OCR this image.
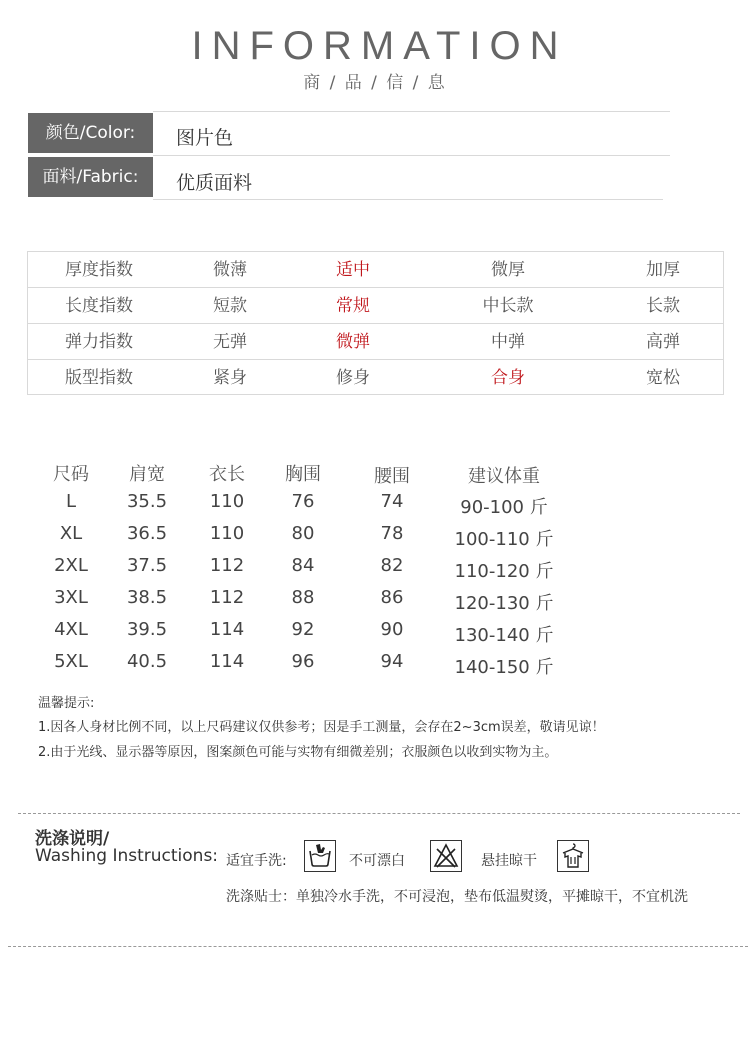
INFORMATION
商 / 品 / 信 / 息
颜色/Color:	图片色
面料/Fabric:	优质面料
厚度指数	微薄	适中	微厚	加厚
长度指数	短款	常规	中长款	长款
弹力指数	无弹	微弹	中弹	高弹
版型指数	紧身	修身	合身	宽松
尺码 肩宽 衣长 胸围	腰围	建议体重
L	35.5 110	76	74	90-100 斤
XL 36.5 110	80	78	100-110 斤
2XL 37.5 112	84	82	110-120 斤
3XL 38.5 112	88	86	120-130 斤
4XL 39.5 114	92	90	130-140 斤
5XL 40.5 114	96	94	140-150 斤
温馨提示:
1.因各人身材比例不同，以上尺码建议仅供参考；因是手工测量，会存在2~3cm误差，敬请见谅！
2.由于光线、显示器等原因，图案颜色可能与实物有细微差别；衣服颜色以收到实物为主。
洗涤说明/
Washing Instructions: 适宜手洗:	不可漂白	悬挂晾干
洗涤贴士：单独冷水手洗，不可浸泡，垫布低温熨烫，平摊晾干，不宜机洗
